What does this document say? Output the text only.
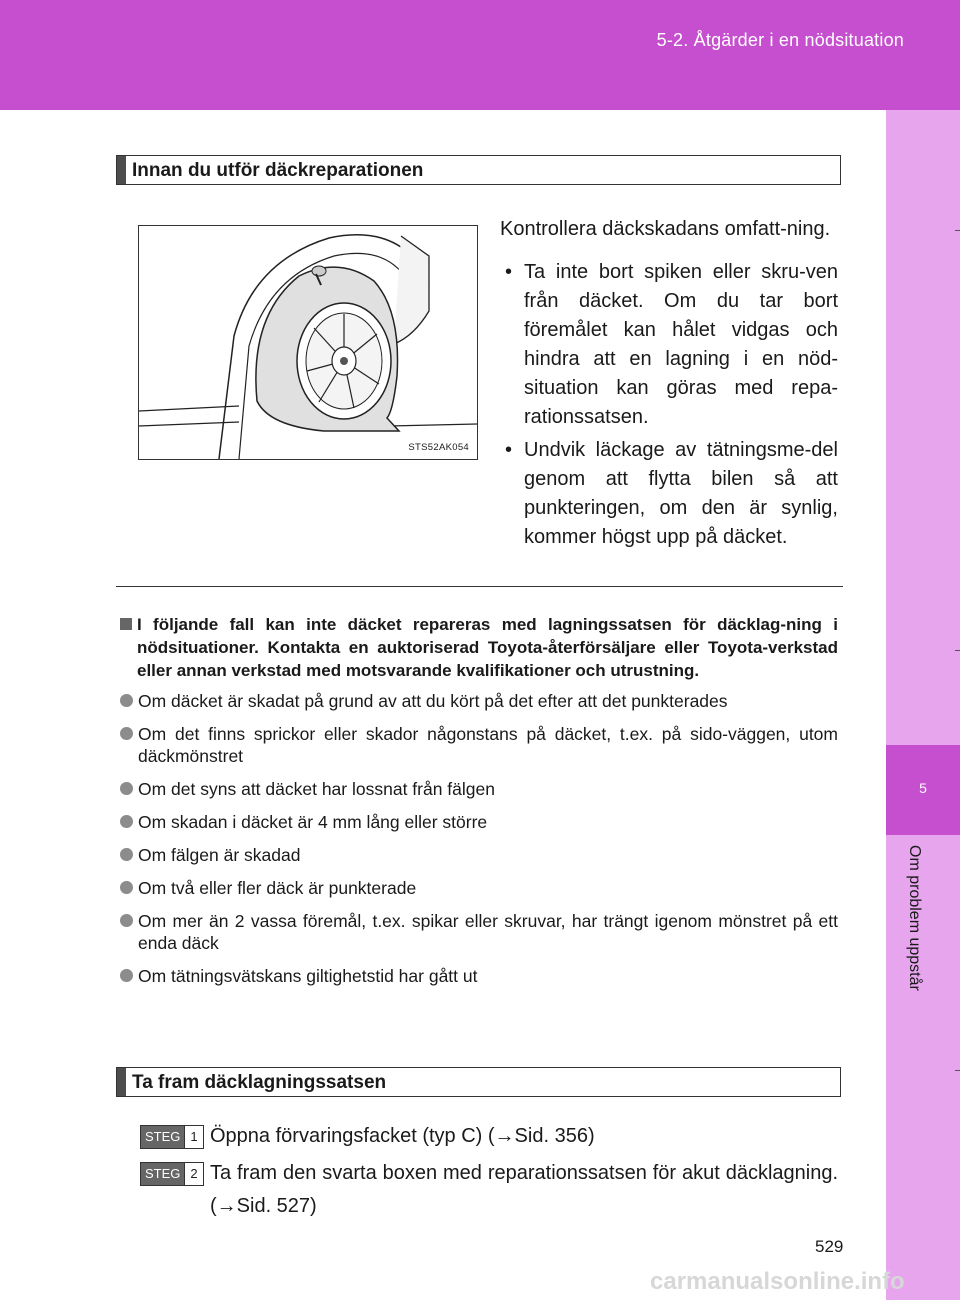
5-2. Åtgärder i en nödsituation
5
Om problem uppstår
Innan du utför däckreparationen
STS52AK054

Kontrollera däckskadans omfatt-ning.

• Ta inte bort spiken eller skru-ven från däcket. Om du tar bort föremålet kan hålet vidgas och hindra att en lagning i en nöd-situation kan göras med repa-rationssatsen.
• Undvik läckage av tätningsme-del genom att flytta bilen så att punkteringen, om den är synlig, kommer högst upp på däcket.
I följande fall kan inte däcket repareras med lagningssatsen för däcklag-ning i nödsituationer. Kontakta en auktoriserad Toyota-återförsäljare eller Toyota-verkstad eller annan verkstad med motsvarande kvalifikationer och utrustning.
Om däcket är skadat på grund av att du kört på det efter att det punkterades
Om det finns sprickor eller skador någonstans på däcket, t.ex. på sido-väggen, utom däckmönstret
Om det syns att däcket har lossnat från fälgen
Om skadan i däcket är 4 mm lång eller större
Om fälgen är skadad
Om två eller fler däck är punkterade
Om mer än 2 vassa föremål, t.ex. spikar eller skruvar, har trängt igenom mönstret på ett enda däck
Om tätningsvätskans giltighetstid har gått ut
Ta fram däcklagningssatsen
STEG 1 Öppna förvaringsfacket (typ C) (→Sid. 356)
STEG 2 Ta fram den svarta boxen med reparationssatsen för akut däcklagning. (→Sid. 527)
529
carmanualsonline.info
